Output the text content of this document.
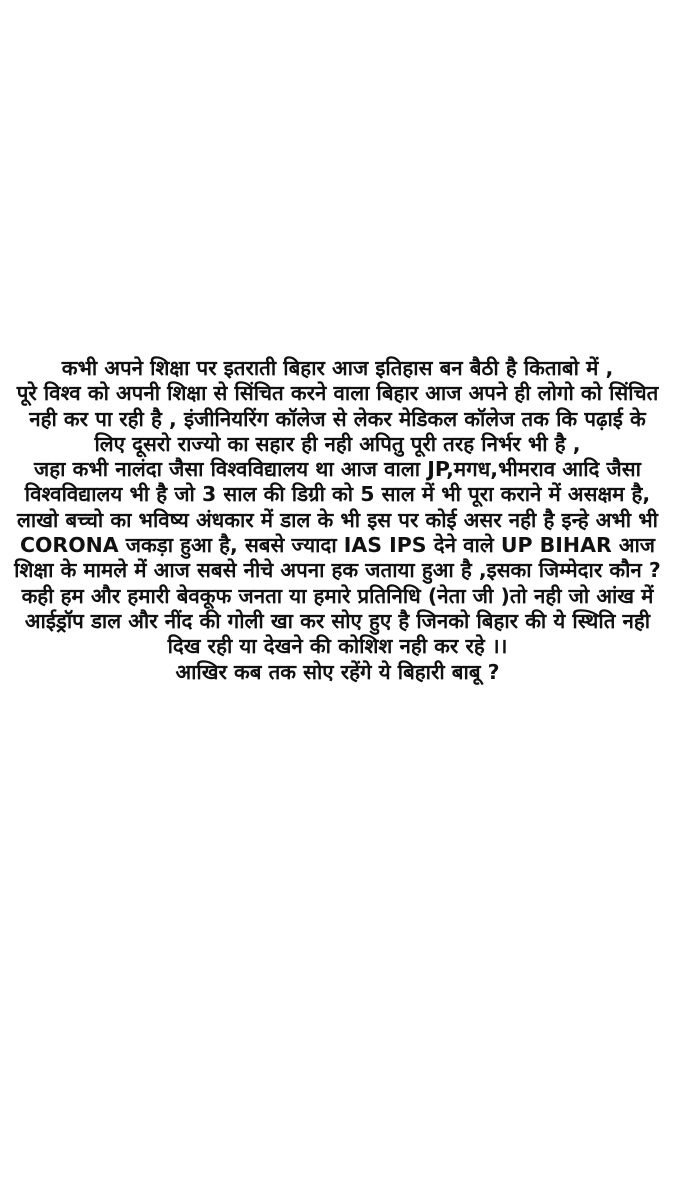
कभी अपने शिक्षा पर इतराती बिहार आज इतिहास बन बैठी है किताबो में ,

पूरे विश्व को अपनी शिक्षा से सिंचित करने वाला बिहार आज अपने ही लोगो को सिंचित नही कर पा रही है , इंजीनियरिंग कॉलेज से लेकर मेडिकल कॉलेज तक कि पढ़ाई के लिए दूसरो राज्यो का सहार ही नही अपितु पूरी तरह निर्भर भी है ,

जहा कभी नालंदा जैसा विश्वविद्यालय था आज वाला JP,मगध,भीमराव आदि जैसा विश्वविद्यालय भी है जो 3 साल की डिग्री को 5 साल में भी पूरा कराने में असक्षम है, लाखो बच्चो का भविष्य अंधकार में डाल के भी इस पर कोई असर नही है इन्हे अभी भी CORONA जकड़ा हुआ है, सबसे ज्यादा IAS IPS देने वाले UP BIHAR आज शिक्षा के मामले में आज सबसे नीचे अपना हक जताया हुआ है ,इसका जिम्मेदार कौन ? कही हम और हमारी बेवकूफ जनता या हमारे प्रतिनिधि (नेता जी )तो नही जो आंख में आईड्रॉप डाल और नींद की गोली खा कर सोए हुए है जिनको बिहार की ये स्थिति नही दिख रही या देखने की कोशिश नही कर रहे ।।

आखिर कब तक सोए रहेंगे ये बिहारी बाबू ?
